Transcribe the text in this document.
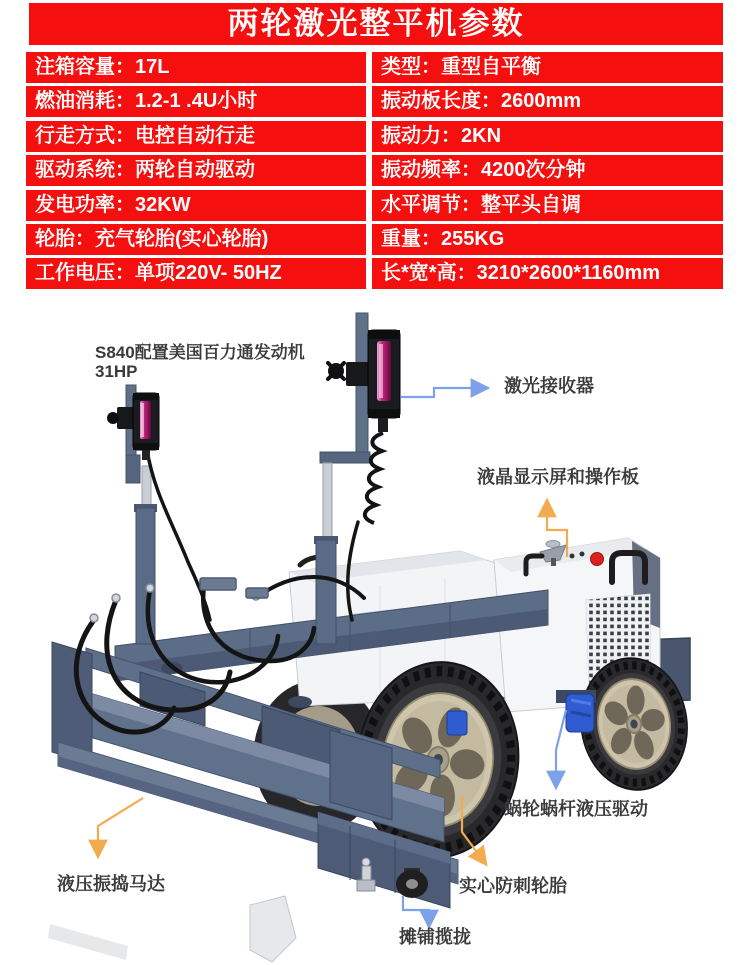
两轮激光整平机参数
注箱容量：17L
燃油消耗：1.2-1 .4U小时
行走方式：电控自动行走
驱动系统：两轮自动驱动
发电功率：32KW
轮胎：充气轮胎(实心轮胎)
工作电压：单项220V- 50HZ
类型：重型自平衡
振动板长度：2600mm
振动力：2KN
振动频率：4200次分钟
水平调节：整平头自调
重量：255KG
长*宽*高：3210*2600*1160mm
S840配置美国百力通发动机
31HP
激光接收器
液晶显示屏和操作板
蜗轮蜗杆液压驱动
实心防刺轮胎
摊铺揽拢
液压振捣马达
